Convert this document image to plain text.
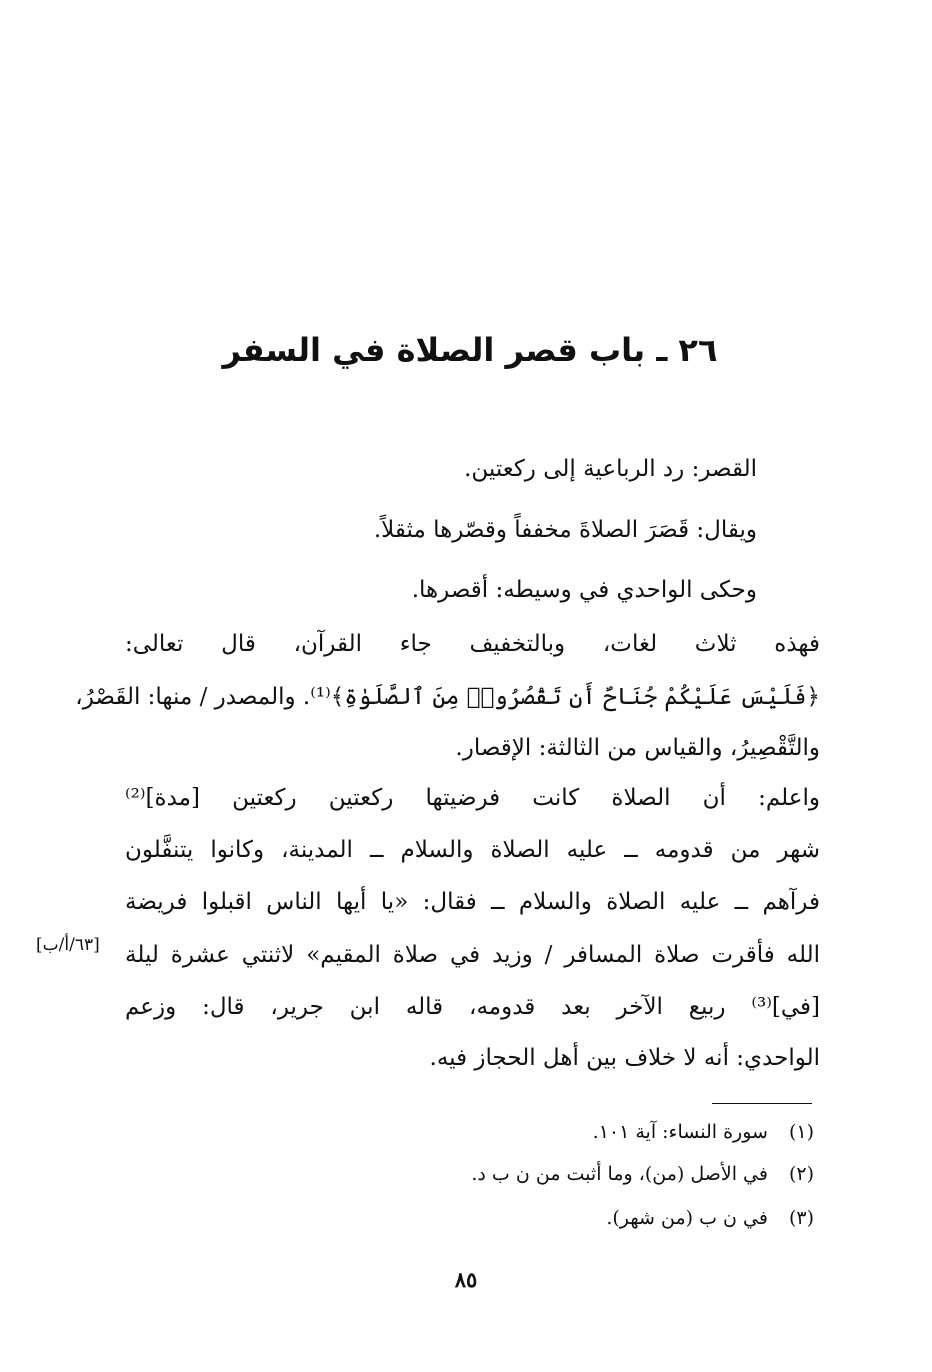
٢٦ ـ باب قصر الصلاة في السفر
القصر: رد الرباعية إلى ركعتين.
ويقال: قَصَرَ الصلاةَ مخففاً وقصّرها مثقلاً.
وحكى الواحدي في وسيطه: أقصرها.
فهذه ثلاث لغات، وبالتخفيف جاء القرآن، قال تعالى:
﴿فَلَيْسَ عَلَيْكُمْ جُنَاحٌ أَن تَقْصُرُوا۟ مِنَ ٱلصَّلَوٰةِ﴾⁽¹⁾. والمصدر / منها: القَصْرُ،
والتَّقْصِيرُ، والقياس من الثالثة: الإقصار.
واعلم: أن الصلاة كانت فرضيتها ركعتين ركعتين [مدة]⁽²⁾
شهر من قدومه ــ عليه الصلاة والسلام ــ المدينة، وكانوا يتنفَّلون
فرآهم ــ عليه الصلاة والسلام ــ فقال: «يا أيها الناس اقبلوا فريضة
الله فأقرت صلاة المسافر / وزيد في صلاة المقيم» لاثنتي عشرة ليلة
[في]⁽³⁾ ربيع الآخر بعد قدومه، قاله ابن جرير، قال: وزعم
الواحدي: أنه لا خلاف بين أهل الحجاز فيه.
[٦٣/أ/ب]
(١) سورة النساء: آية ١٠١.
(٢) في الأصل (من)، وما أثبت من ن ب د.
(٣) في ن ب (من شهر).
٨٥
